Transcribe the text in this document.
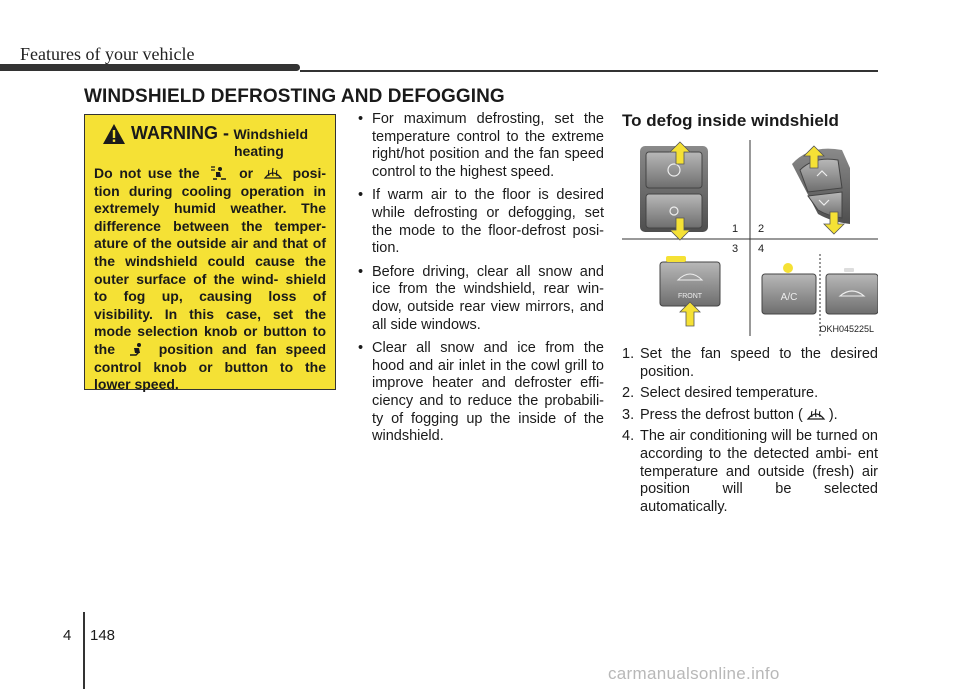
Features of your vehicle
WINDSHIELD DEFROSTING AND DEFOGGING
WARNING - Windshield
heating
Do not use the	or	posi- tion during cooling operation in extremely humid weather. The difference between the temper- ature of the outside air and that of the windshield could cause the outer surface of the wind- shield to fog up, causing loss of visibility. In this case, set the mode selection knob or button to the	position and fan speed control knob or button to the lower speed.
• For maximum defrosting, set the temperature control to the extreme right/hot position and the fan speed control to the highest speed.
• If warm air to the floor is desired while defrosting or defogging, set the mode to the floor-defrost posi- tion.
• Before driving, clear all snow and ice from the windshield, rear win- dow, outside rear view mirrors, and all side windows.
• Clear all snow and ice from the hood and air inlet in the cowl grill to improve heater and defroster effi- ciency and to reduce the probabili- ty of fogging up the inside of the windshield.
To defog inside windshield
1 2
3 4
FRONT	A/C
OKH045225L
1. Set the fan speed to the desired position.
2. Select desired temperature.
3. Press the defrost button ( ).
4. The air conditioning will be turned on according to the detected ambi- ent temperature and outside (fresh) air position will be selected automatically.
4 148
carmanualsonline.info
